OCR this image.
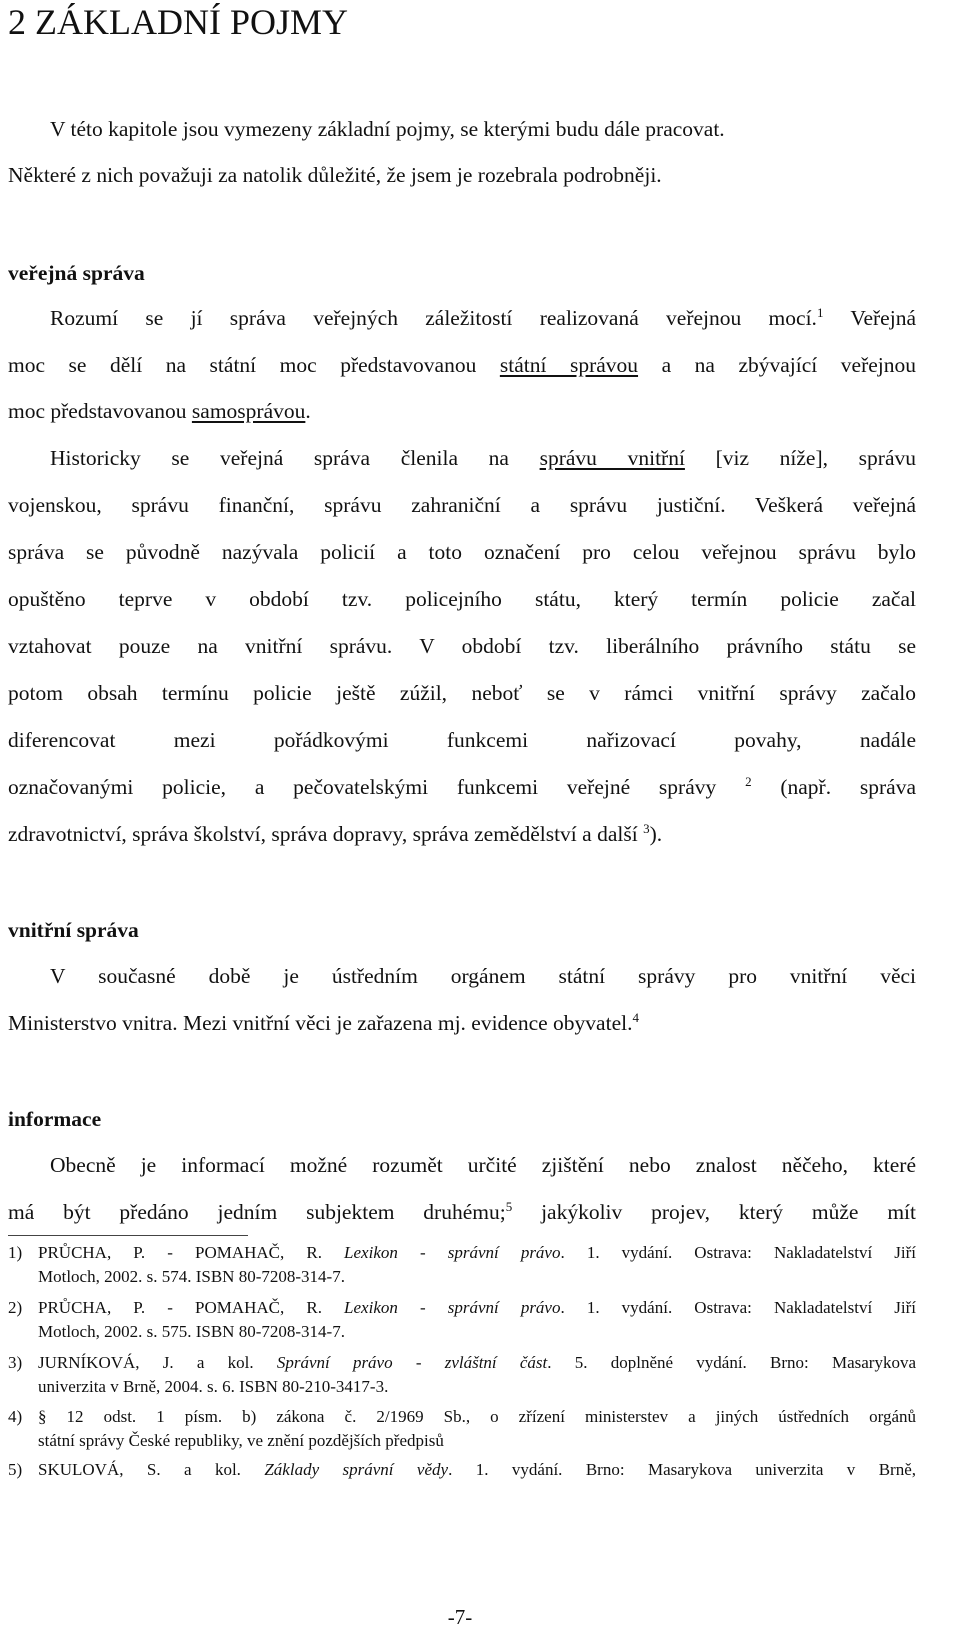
2 ZÁKLADNÍ POJMY
V této kapitole jsou vymezeny základní pojmy, se kterými budu dále pracovat.
Některé z nich považuji za natolik důležité, že jsem je rozebrala podrobněji.
veřejná správa
Rozumí se jí správa veřejných záležitostí realizovaná veřejnou mocí.$^1$ Veřejná
moc se dělí na státní moc představovanou státní správou a na zbývající veřejnou
moc představovanou samosprávou.
Historicky se veřejná správa členila na správu vnitřní [viz níže], správu
vojenskou, správu finanční, správu zahraniční a správu justiční. Veškerá veřejná
správa se původně nazývala policií a toto označení pro celou veřejnou správu bylo
opuštěno teprve v období tzv. policejního státu, který termín policie začal
vztahovat pouze na vnitřní správu. V období tzv. liberálního právního státu se
potom obsah termínu policie ještě zúžil, neboť se v rámci vnitřní správy začalo
diferencovat mezi pořádkovými funkcemi nařizovací povahy, nadále
označovanými policie, a pečovatelskými funkcemi veřejné správy $^2$ (např. správa
zdravotnictví, správa školství, správa dopravy, správa zemědělství a další $^3$).
vnitřní správa
V současné době je ústředním orgánem státní správy pro vnitřní věci
Ministerstvo vnitra. Mezi vnitřní věci je zařazena mj. evidence obyvatel.$^4$
informace
Obecně je informací možné rozumět určité zjištění nebo znalost něčeho, které
má být předáno jedním subjektem druhému;$^5$ jakýkoliv projev, který může mít
1) PRŮCHA, P. - POMAHAČ, R. Lexikon - správní právo. 1. vydání. Ostrava: Nakladatelství Jiří
Motloch, 2002. s. 574. ISBN 80-7208-314-7.
2) PRŮCHA, P. - POMAHAČ, R. Lexikon - správní právo. 1. vydání. Ostrava: Nakladatelství Jiří
Motloch, 2002. s. 575. ISBN 80-7208-314-7.
3) JURNÍKOVÁ, J. a kol. Správní právo - zvláštní část. 5. doplněné vydání. Brno: Masarykova
univerzita v Brně, 2004. s. 6. ISBN 80-210-3417-3.
4) § 12 odst. 1 písm. b) zákona č. 2/1969 Sb., o zřízení ministerstev a jiných ústředních orgánů
státní správy České republiky, ve znění pozdějších předpisů
5) SKULOVÁ, S. a kol. Základy správní vědy. 1. vydání. Brno: Masarykova univerzita v Brně,
-7-
